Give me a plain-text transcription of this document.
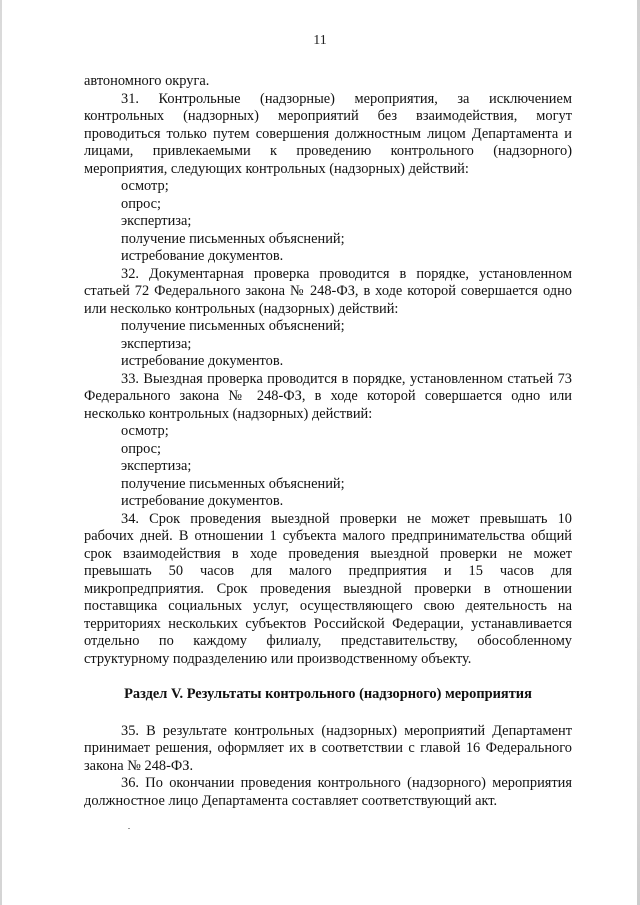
11

автономного округа.

31. Контрольные (надзорные) мероприятия, за исключением контрольных (надзорных) мероприятий без взаимодействия, могут проводиться только путем совершения должностным лицом Департамента и лицами, привлекаемыми к проведению контрольного (надзорного) мероприятия, следующих контрольных (надзорных) действий:

осмотр;

опрос;

экспертиза;

получение письменных объяснений;

истребование документов.

32. Документарная проверка проводится в порядке, установленном статьей 72 Федерального закона № 248-ФЗ, в ходе которой совершается одно или несколько контрольных (надзорных) действий:

получение письменных объяснений;

экспертиза;

истребование документов.

33. Выездная проверка проводится в порядке, установленном статьей 73 Федерального закона № 248-ФЗ, в ходе которой совершается одно или несколько контрольных (надзорных) действий:

осмотр;

опрос;

экспертиза;

получение письменных объяснений;

истребование документов.

34. Срок проведения выездной проверки не может превышать 10 рабочих дней. В отношении 1 субъекта малого предпринимательства общий срок взаимодействия в ходе проведения выездной проверки не может превышать 50 часов для малого предприятия и 15 часов для микропредприятия. Срок проведения выездной проверки в отношении поставщика социальных услуг, осуществляющего свою деятельность на территориях нескольких субъектов Российской Федерации, устанавливается отдельно по каждому филиалу, представительству, обособленному структурному подразделению или производственному объекту.

Раздел V. Результаты контрольного (надзорного) мероприятия

35. В результате контрольных (надзорных) мероприятий Департамент принимает решения, оформляет их в соответствии с главой 16 Федерального закона № 248-ФЗ.

36. По окончании проведения контрольного (надзорного) мероприятия должностное лицо Департамента составляет соответствующий акт.
